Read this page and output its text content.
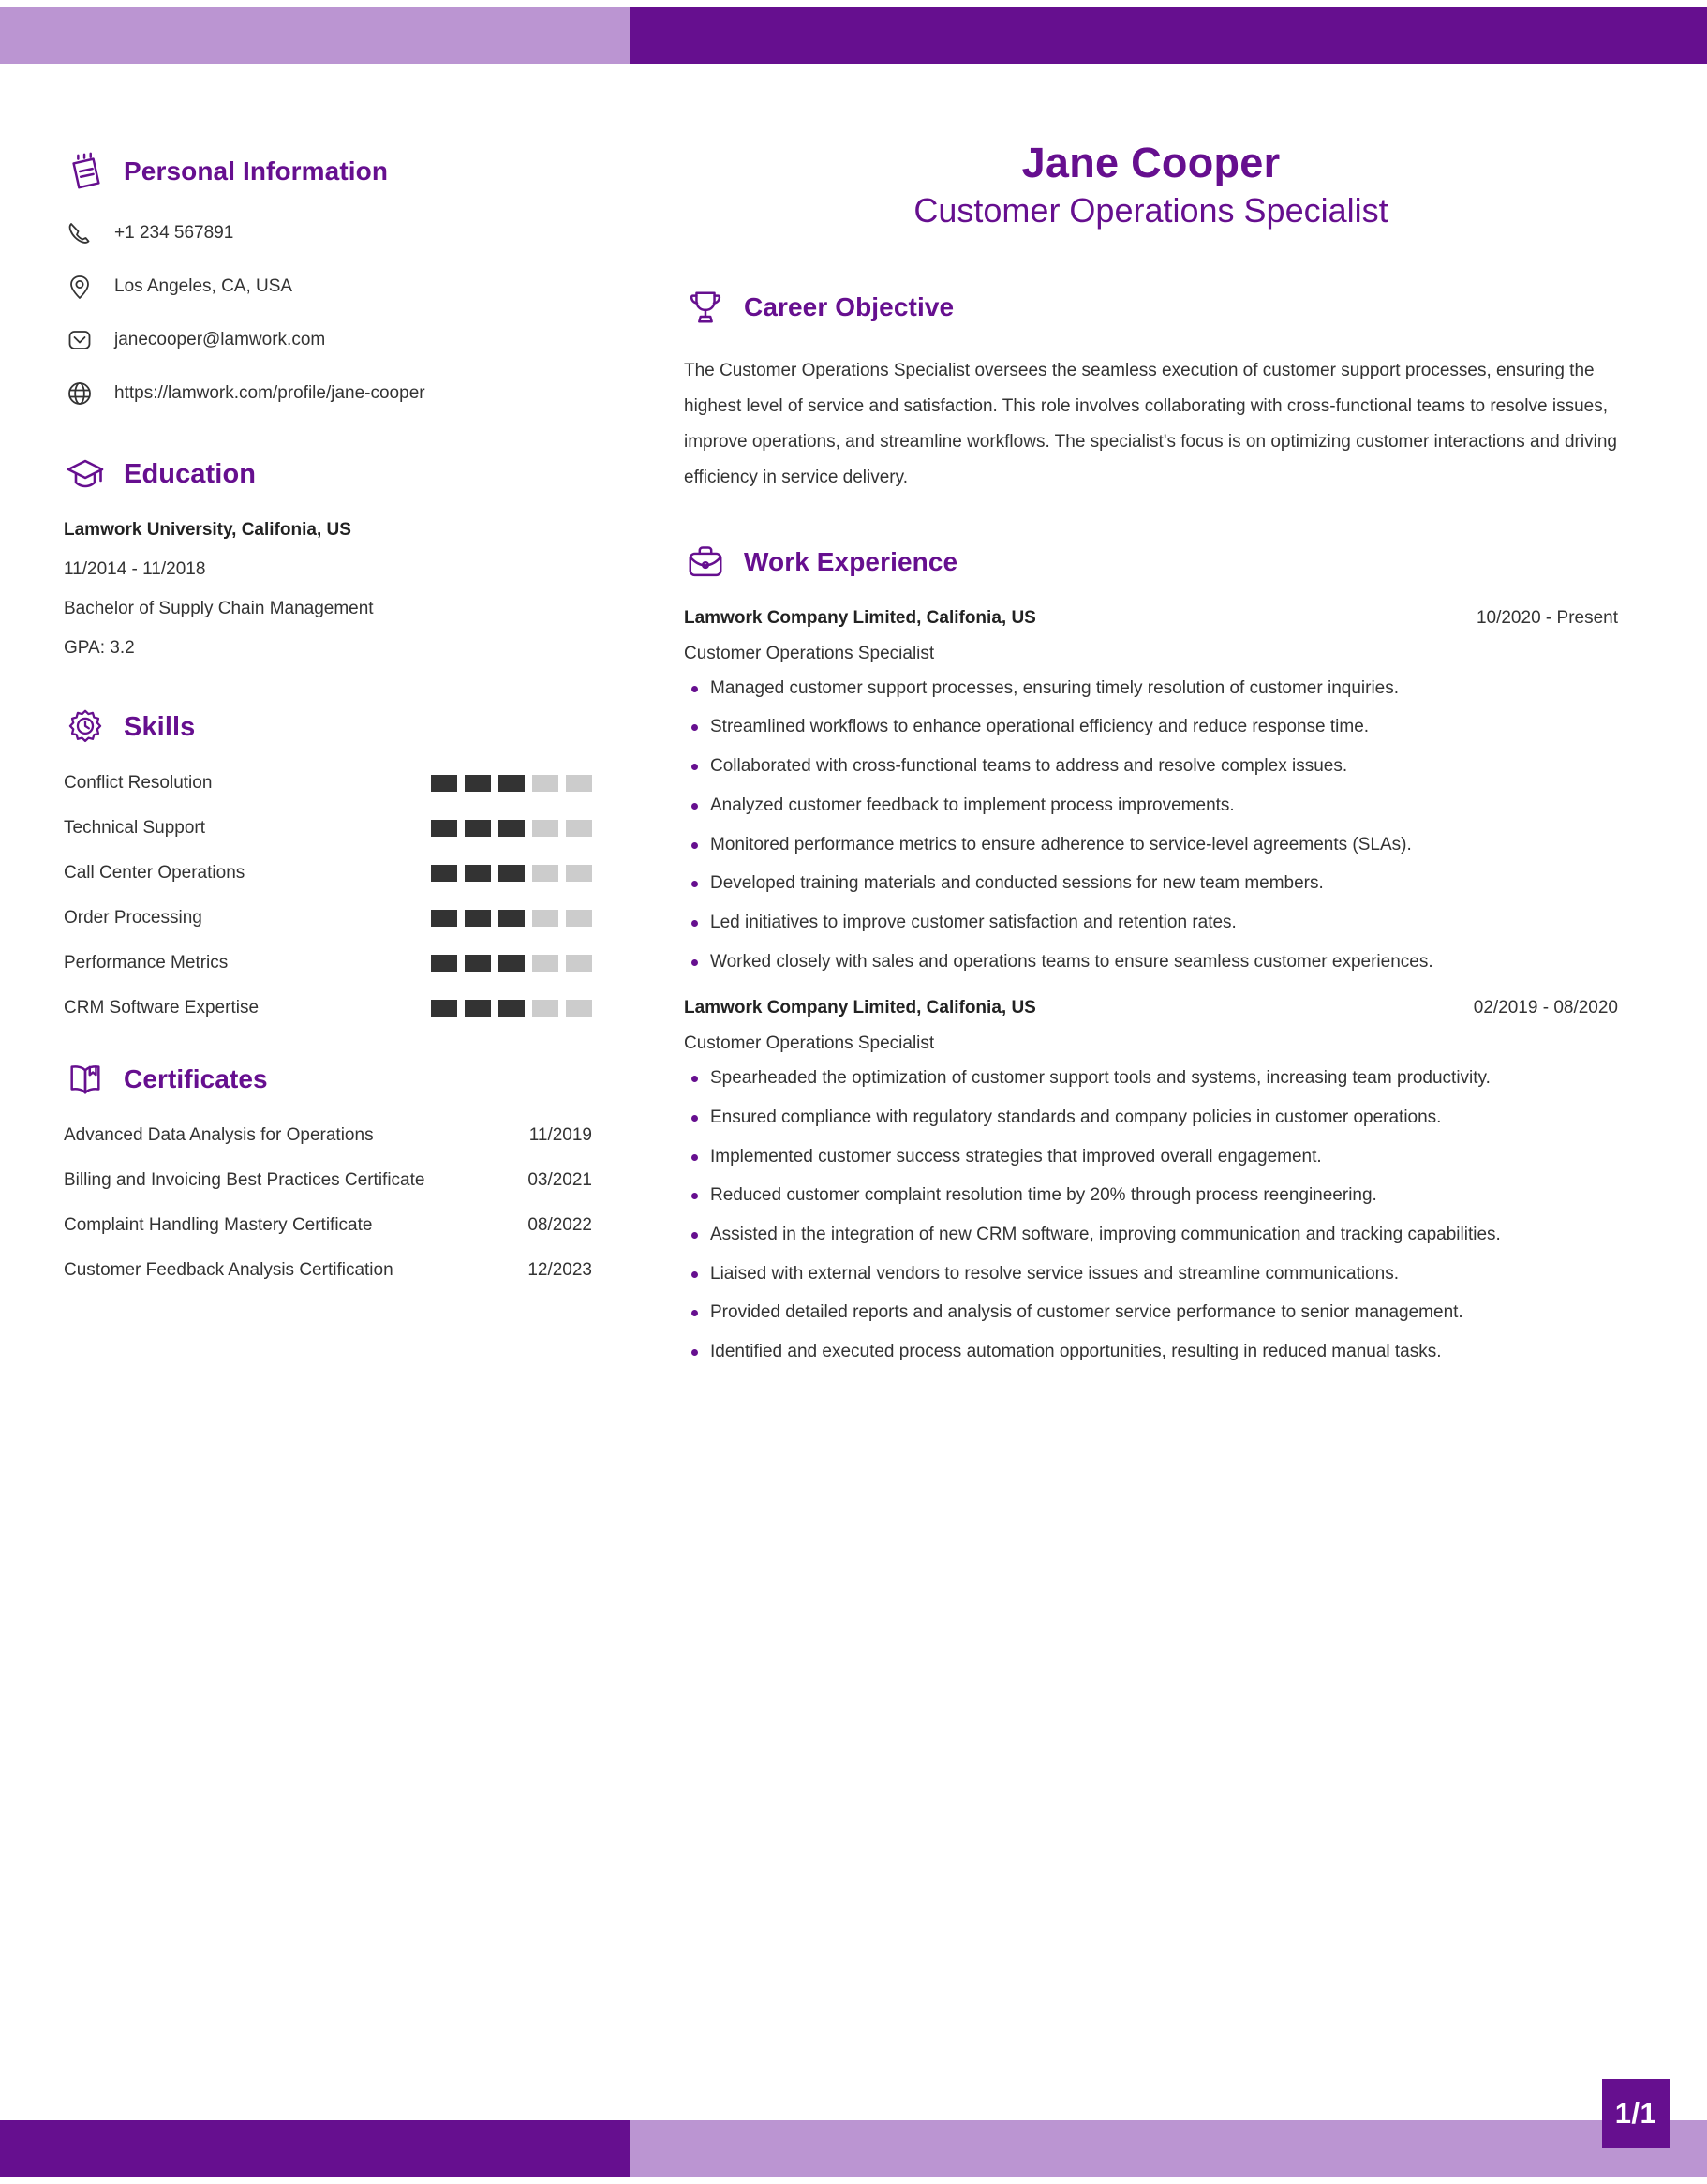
Personal Information
+1 234 567891
Los Angeles, CA, USA
janecooper@lamwork.com
https://lamwork.com/profile/jane-cooper
Education
Lamwork University, Califonia, US
11/2014 - 11/2018
Bachelor of Supply Chain Management
GPA: 3.2
Skills
Conflict Resolution
Technical Support
Call Center Operations
Order Processing
Performance Metrics
CRM Software Expertise
Certificates
Advanced Data Analysis for Operations	11/2019
Billing and Invoicing Best Practices Certificate	03/2021
Complaint Handling Mastery Certificate	08/2022
Customer Feedback Analysis Certification	12/2023
Jane Cooper
Customer Operations Specialist
Career Objective
The Customer Operations Specialist oversees the seamless execution of customer support processes, ensuring the highest level of service and satisfaction. This role involves collaborating with cross-functional teams to resolve issues, improve operations, and streamline workflows. The specialist's focus is on optimizing customer interactions and driving efficiency in service delivery.
Work Experience
Lamwork Company Limited, Califonia, US	10/2020 - Present
Customer Operations Specialist
Managed customer support processes, ensuring timely resolution of customer inquiries.
Streamlined workflows to enhance operational efficiency and reduce response time.
Collaborated with cross-functional teams to address and resolve complex issues.
Analyzed customer feedback to implement process improvements.
Monitored performance metrics to ensure adherence to service-level agreements (SLAs).
Developed training materials and conducted sessions for new team members.
Led initiatives to improve customer satisfaction and retention rates.
Worked closely with sales and operations teams to ensure seamless customer experiences.
Lamwork Company Limited, Califonia, US	02/2019 - 08/2020
Customer Operations Specialist
Spearheaded the optimization of customer support tools and systems, increasing team productivity.
Ensured compliance with regulatory standards and company policies in customer operations.
Implemented customer success strategies that improved overall engagement.
Reduced customer complaint resolution time by 20% through process reengineering.
Assisted in the integration of new CRM software, improving communication and tracking capabilities.
Liaised with external vendors to resolve service issues and streamline communications.
Provided detailed reports and analysis of customer service performance to senior management.
Identified and executed process automation opportunities, resulting in reduced manual tasks.
1/1
